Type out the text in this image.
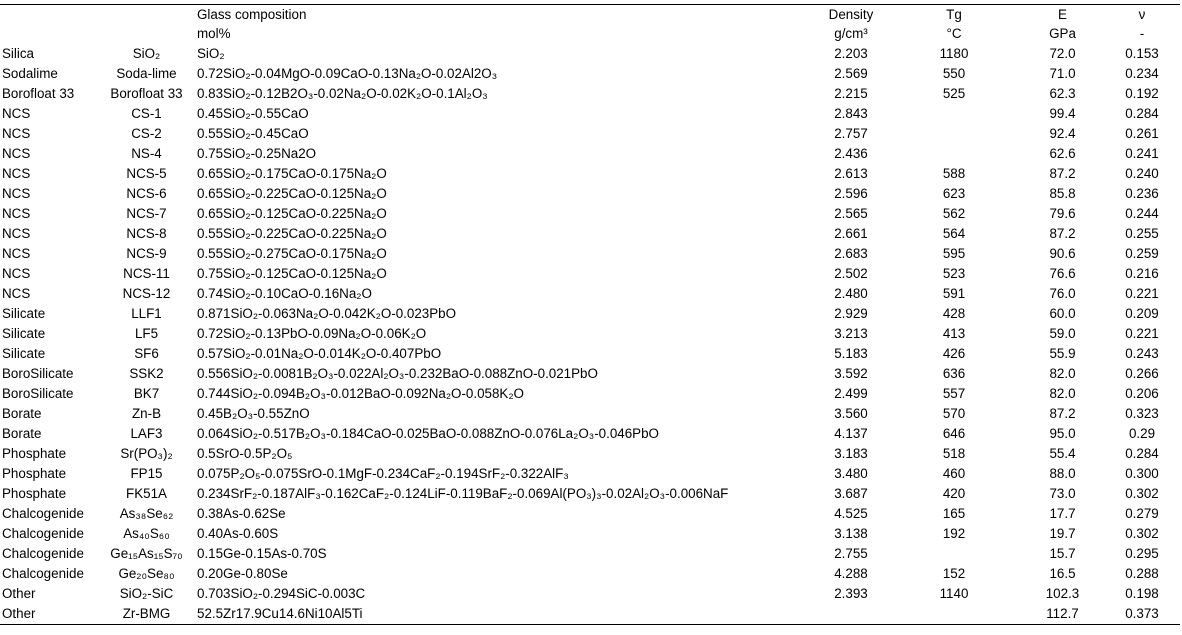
		Glass composition	Density	Tg	E	ν
		mol%	g/cm³	°C	GPa	-
Silica	SiO₂	SiO₂	2.203	1180	72.0	0.153
Sodalime	Soda-lime	0.72SiO₂-0.04MgO-0.09CaO-0.13Na₂O-0.02Al2O₃	2.569	550	71.0	0.234
Borofloat 33	Borofloat 33	0.83SiO₂-0.12B2O₃-0.02Na₂O-0.02K₂O-0.1Al₂O₃	2.215	525	62.3	0.192
NCS	CS-1	0.45SiO₂-0.55CaO	2.843		99.4	0.284
NCS	CS-2	0.55SiO₂-0.45CaO	2.757		92.4	0.261
NCS	NS-4	0.75SiO₂-0.25Na2O	2.436		62.6	0.241
NCS	NCS-5	0.65SiO₂-0.175CaO-0.175Na₂O	2.613	588	87.2	0.240
NCS	NCS-6	0.65SiO₂-0.225CaO-0.125Na₂O	2.596	623	85.8	0.236
NCS	NCS-7	0.65SiO₂-0.125CaO-0.225Na₂O	2.565	562	79.6	0.244
NCS	NCS-8	0.55SiO₂-0.225CaO-0.225Na₂O	2.661	564	87.2	0.255
NCS	NCS-9	0.55SiO₂-0.275CaO-0.175Na₂O	2.683	595	90.6	0.259
NCS	NCS-11	0.75SiO₂-0.125CaO-0.125Na₂O	2.502	523	76.6	0.216
NCS	NCS-12	0.74SiO₂-0.10CaO-0.16Na₂O	2.480	591	76.0	0.221
Silicate	LLF1	0.871SiO₂-0.063Na₂O-0.042K₂O-0.023PbO	2.929	428	60.0	0.209
Silicate	LF5	0.72SiO₂-0.13PbO-0.09Na₂O-0.06K₂O	3.213	413	59.0	0.221
Silicate	SF6	0.57SiO₂-0.01Na₂O-0.014K₂O-0.407PbO	5.183	426	55.9	0.243
BoroSilicate	SSK2	0.556SiO₂-0.0081B₂O₃-0.022Al₂O₃-0.232BaO-0.088ZnO-0.021PbO	3.592	636	82.0	0.266
BoroSilicate	BK7	0.744SiO₂-0.094B₂O₃-0.012BaO-0.092Na₂O-0.058K₂O	2.499	557	82.0	0.206
Borate	Zn-B	0.45B₂O₃-0.55ZnO	3.560	570	87.2	0.323
Borate	LAF3	0.064SiO₂-0.517B₂O₃-0.184CaO-0.025BaO-0.088ZnO-0.076La₂O₃-0.046PbO	4.137	646	95.0	0.29
Phosphate	Sr(PO₃)₂	0.5SrO-0.5P₂O₅	3.183	518	55.4	0.284
Phosphate	FP15	0.075P₂O₅-0.075SrO-0.1MgF-0.234CaF₂-0.194SrF₂-0.322AlF₃	3.480	460	88.0	0.300
Phosphate	FK51A	0.234SrF₂-0.187AlF₃-0.162CaF₂-0.124LiF-0.119BaF₂-0.069Al(PO₃)₃-0.02Al₂O₃-0.006NaF	3.687	420	73.0	0.302
Chalcogenide	As₃₈Se₆₂	0.38As-0.62Se	4.525	165	17.7	0.279
Chalcogenide	As₄₀S₆₀	0.40As-0.60S	3.138	192	19.7	0.302
Chalcogenide	Ge₁₅As₁₅S₇₀	0.15Ge-0.15As-0.70S	2.755		15.7	0.295
Chalcogenide	Ge₂₀Se₈₀	0.20Ge-0.80Se	4.288	152	16.5	0.288
Other	SiO₂-SiC	0.703SiO₂-0.294SiC-0.003C	2.393	1140	102.3	0.198
Other	Zr-BMG	52.5Zr17.9Cu14.6Ni10Al5Ti			112.7	0.373
